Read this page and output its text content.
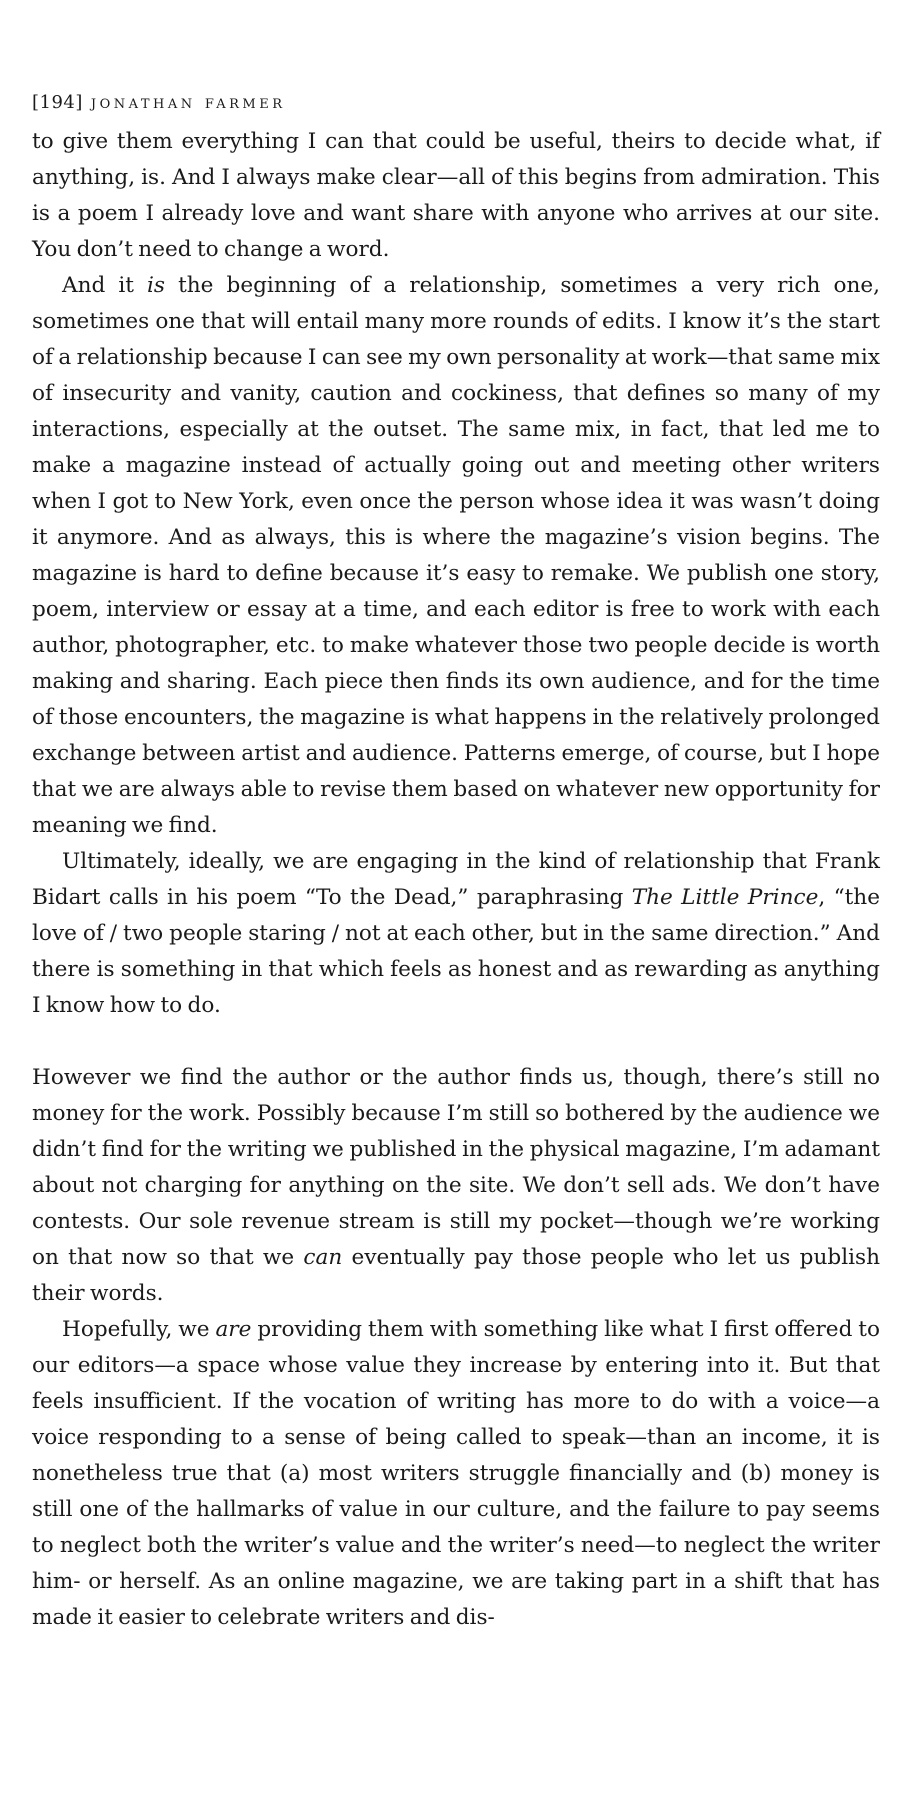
[194] jonathan farmer

to give them everything I can that could be useful, theirs to decide what, if anything, is. And I always make clear—all of this begins from admiration. This is a poem I already love and want share with anyone who arrives at our site. You don’t need to change a word.

And it is the beginning of a relationship, sometimes a very rich one, sometimes one that will entail many more rounds of edits. I know it’s the start of a relationship because I can see my own personality at work—that same mix of insecurity and vanity, caution and cockiness, that defines so many of my interactions, especially at the outset. The same mix, in fact, that led me to make a magazine instead of actually going out and meeting other writers when I got to New York, even once the person whose idea it was wasn’t doing it anymore. And as always, this is where the magazine’s vision begins. The magazine is hard to define because it’s easy to remake. We publish one story, poem, interview or essay at a time, and each editor is free to work with each author, photographer, etc. to make whatever those two people decide is worth making and sharing. Each piece then finds its own audience, and for the time of those encounters, the magazine is what happens in the relatively prolonged exchange between artist and audience. Patterns emerge, of course, but I hope that we are always able to revise them based on whatever new opportunity for meaning we find.

Ultimately, ideally, we are engaging in the kind of relationship that Frank Bidart calls in his poem “To the Dead,” paraphrasing The Little Prince, “the love of / two people staring / not at each other, but in the same direction.” And there is something in that which feels as honest and as rewarding as anything I know how to do.

However we find the author or the author finds us, though, there’s still no money for the work. Possibly because I’m still so bothered by the audience we didn’t find for the writing we published in the physical magazine, I’m adamant about not charging for anything on the site. We don’t sell ads. We don’t have contests. Our sole revenue stream is still my pocket—though we’re working on that now so that we can eventually pay those people who let us publish their words.

Hopefully, we are providing them with something like what I first offered to our editors—a space whose value they increase by entering into it. But that feels insufficient. If the vocation of writing has more to do with a voice—a voice responding to a sense of being called to speak—than an income, it is nonetheless true that (a) most writers struggle financially and (b) money is still one of the hallmarks of value in our culture, and the failure to pay seems to neglect both the writer’s value and the writer’s need—to neglect the writer him- or herself. As an online magazine, we are taking part in a shift that has made it easier to celebrate writers and dis-
